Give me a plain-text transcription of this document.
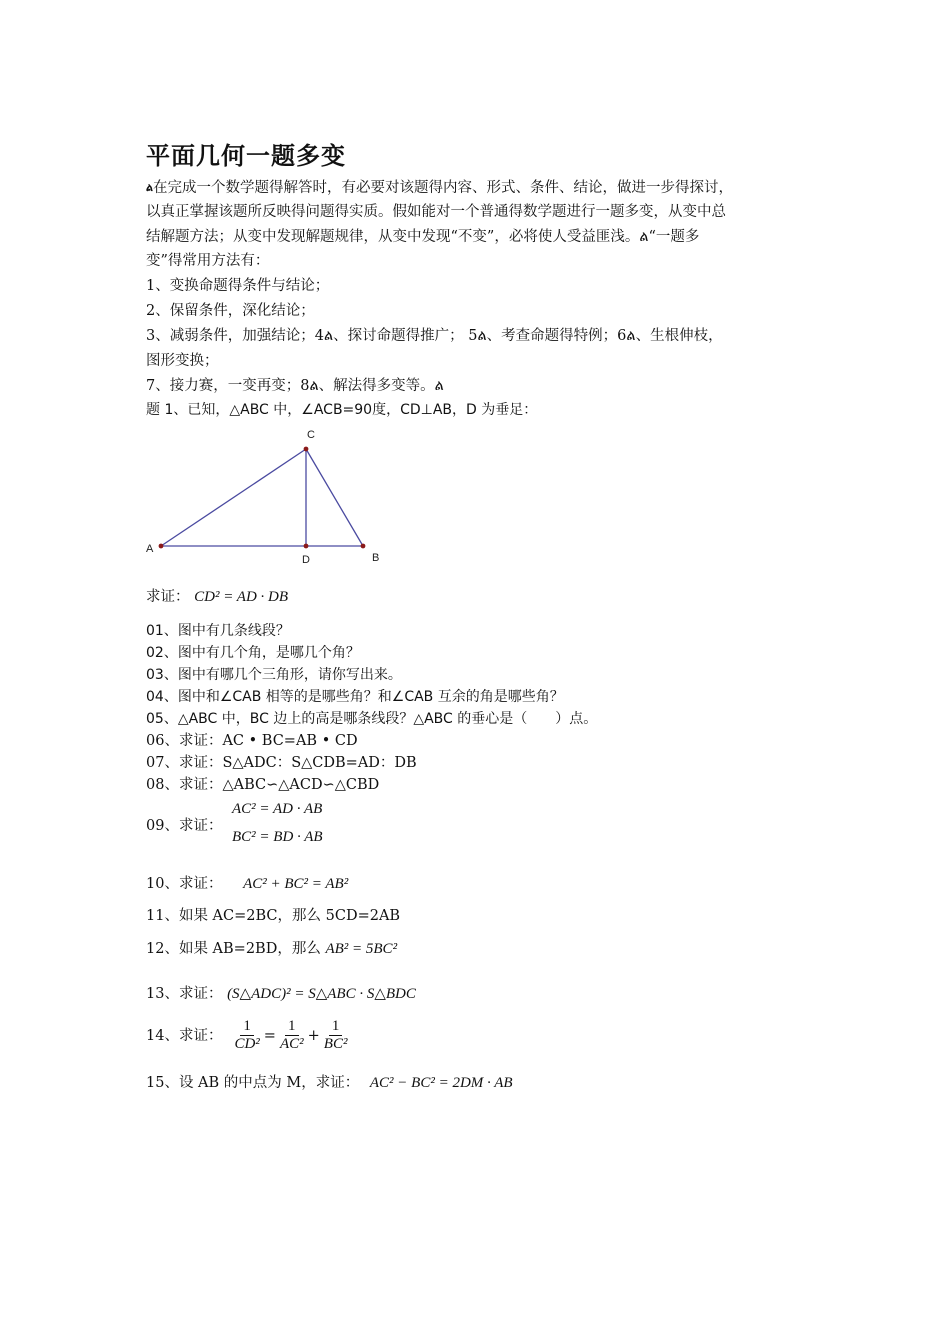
平面几何一题多变
ል在完成一个数学题得解答时，有必要对该题得内容、形式、条件、结论，做进一步得探讨，
以真正掌握该题所反映得问题得实质。假如能对一个普通得数学题进行一题多变，从变中总
结解题方法；从变中发现解题规律，从变中发现“不变”，必将使人受益匪浅。ል“一题多
变”得常用方法有：
1、变换命题得条件与结论；
2、保留条件，深化结论；
3、减弱条件，加强结论；4ል、探讨命题得推广； 5ል、考查命题得特例；6ል、生根伸枝，
图形变换；
7、接力赛，一变再变；8ል、解法得多变等。ል
题 1、已知，△ABC 中，∠ACB=90度，CD⊥AB，D 为垂足：
A
C
D	B
求证： CD² = AD · DB
01、图中有几条线段？
02、图中有几个角，是哪几个角？
03、图中有哪几个三角形，请你写出来。
04、图中和∠CAB 相等的是哪些角？和∠CAB 互余的角是哪些角？
05、△ABC 中，BC 边上的高是哪条线段？△ABC 的垂心是（　　）点。
06、求证：AC • BC=AB • CD
07、求证：S△ADC：S△CDB=AD：DB
08、求证：△ABC∽△ACD∽△CBD
09、求证：
AC² = AD · AB
BC² = BD · AB
10、求证： AC² + BC² = AB²
11、如果 AC=2BC，那么 5CD=2AB
12、如果 AB=2BD，那么 AB² = 5BC²
13、求证： (S△ADC)² = S△ABC · S△BDC
14、求证： $\frac{1}{\text{CD²}} = \frac{1}{\text{AC²}} + \frac{1}{\text{BC²}}$
15、设 AB 的中点为 M，求证： AC² − BC² = 2DM · AB
